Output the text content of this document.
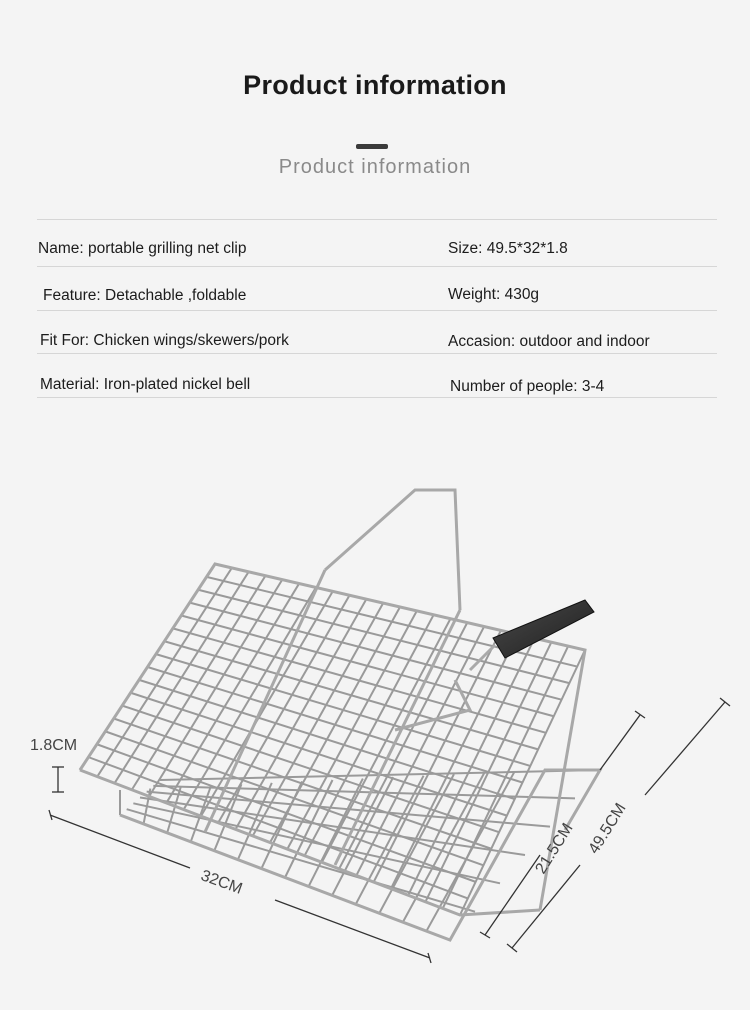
Product information
Product information
Name: portable grilling net clip	Size: 49.5*32*1.8
Feature: Detachable ,foldable	Weight: 430g
Fit For: Chicken wings/skewers/pork	Accasion: outdoor and indoor
Material: Iron-plated nickel bell	Number of people: 3-4
1.8CM
32CM
21.5CM 49.5CM
